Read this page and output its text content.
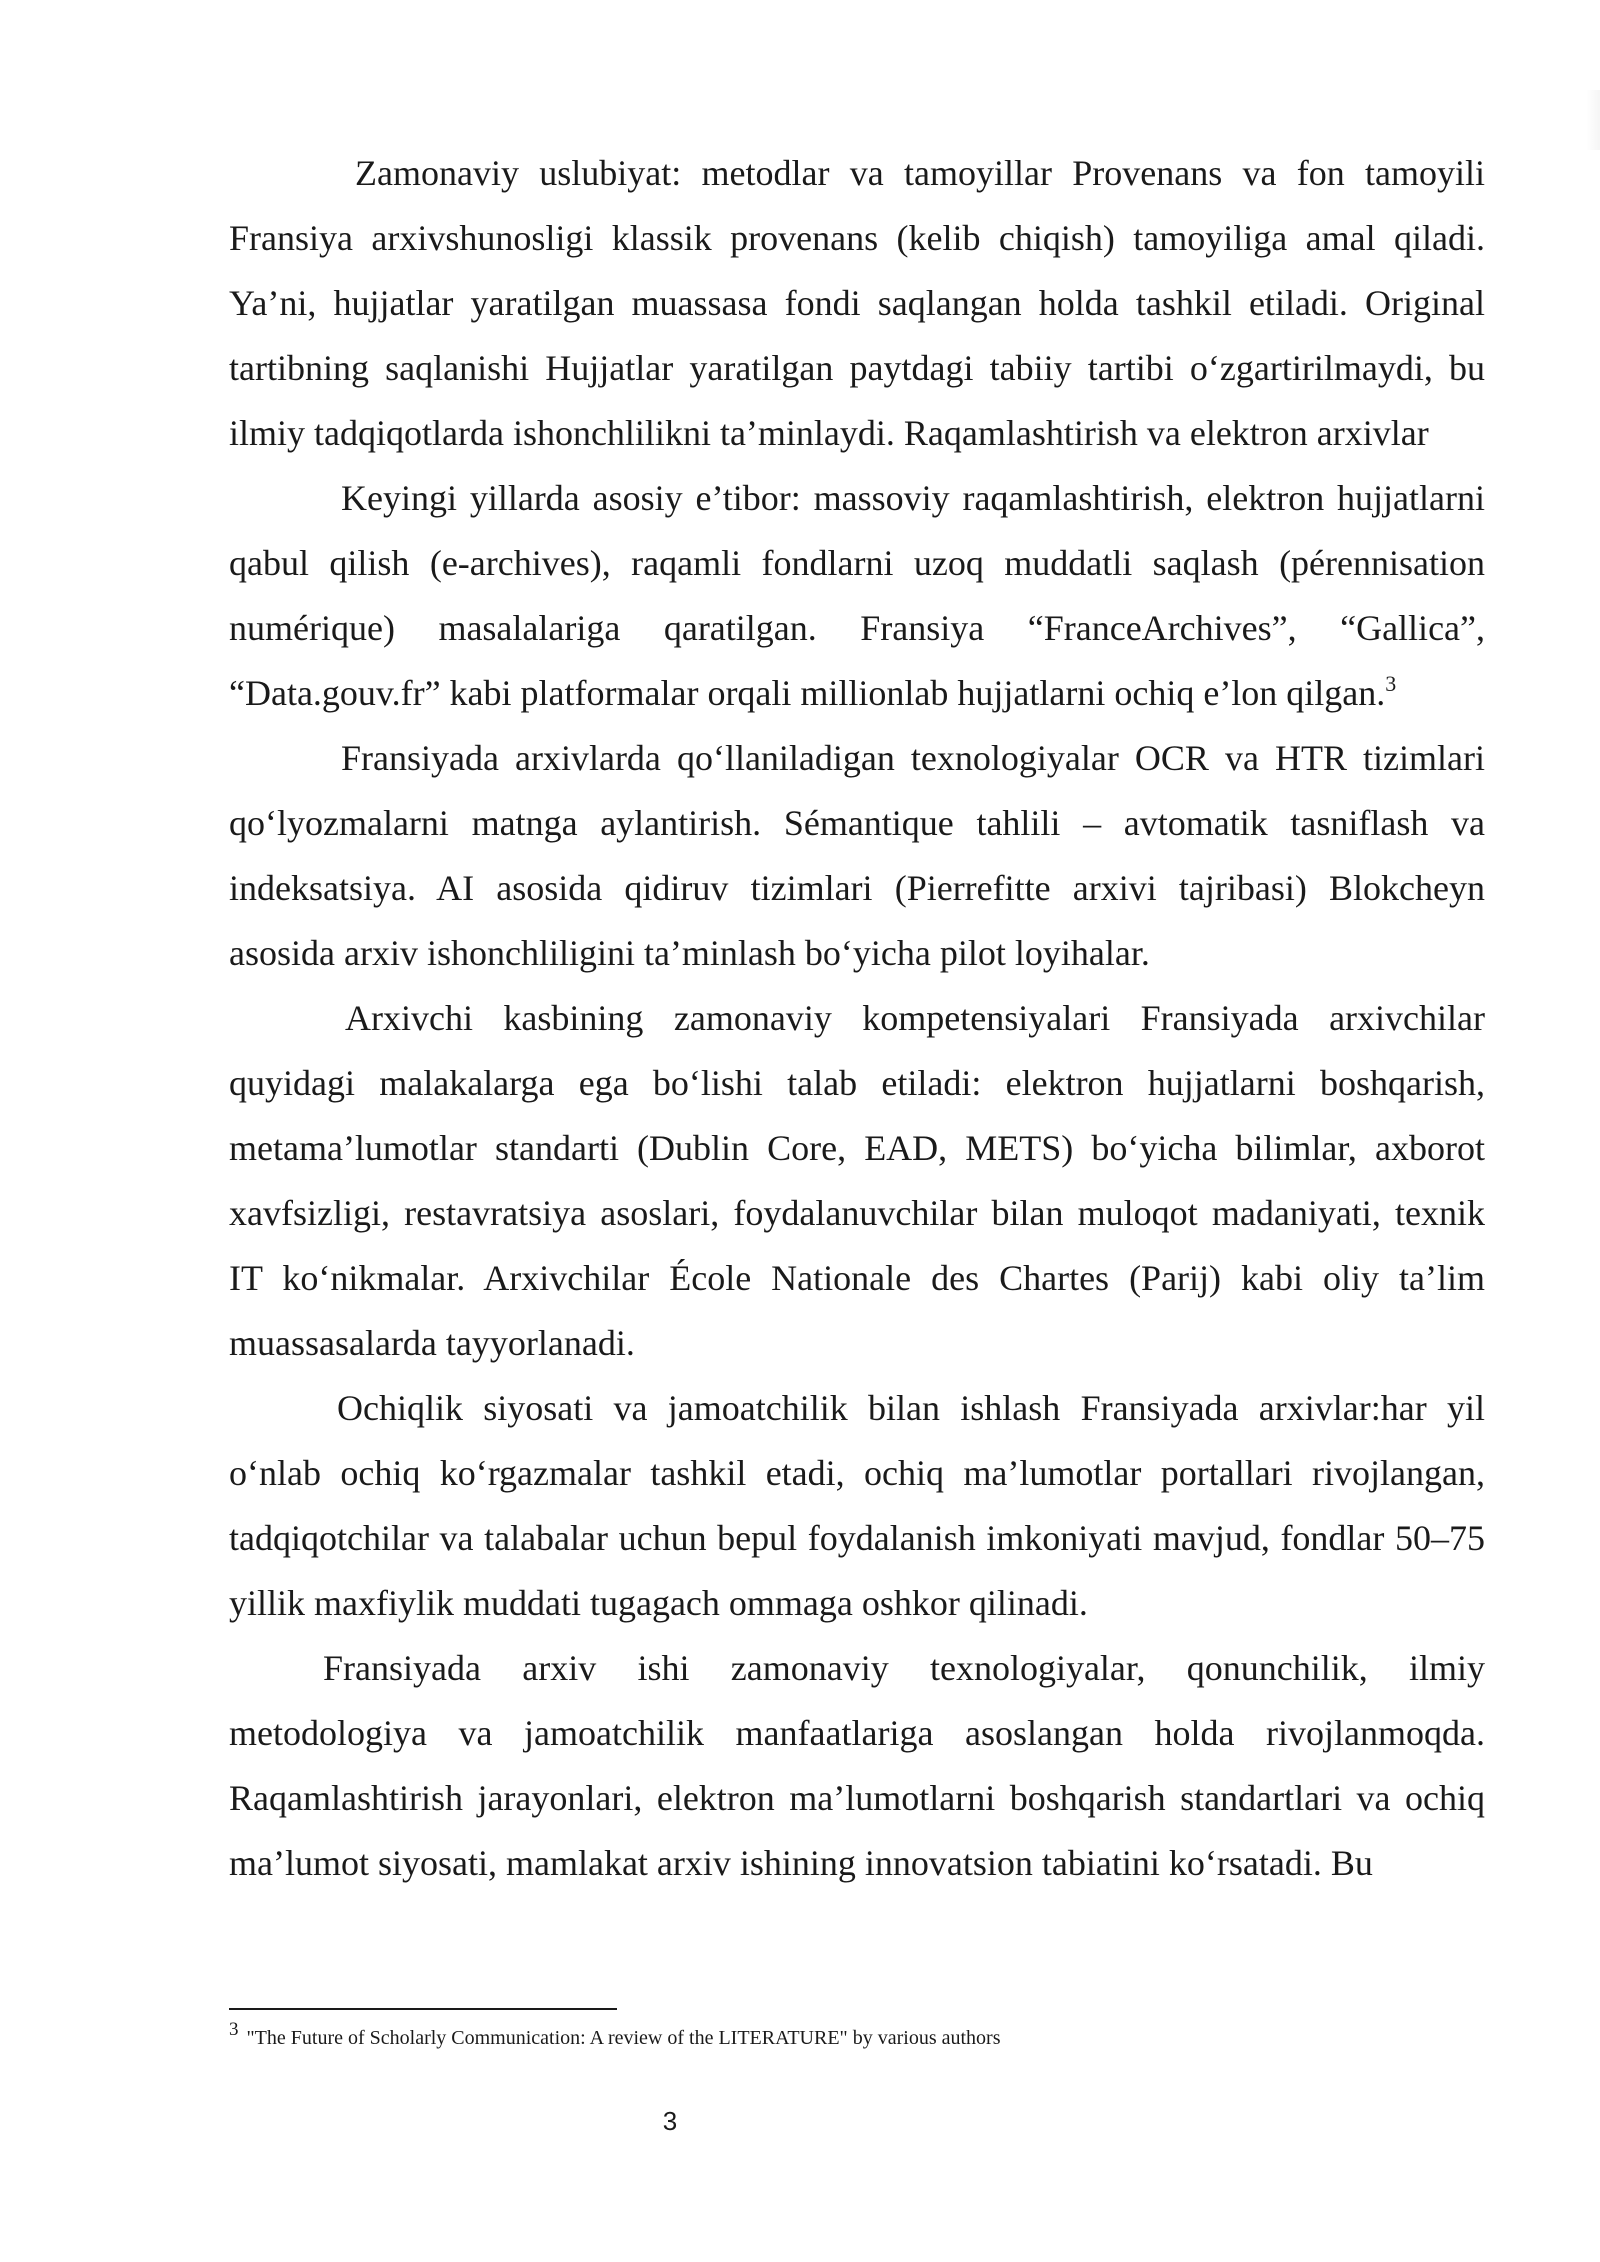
Zamonaviy uslubiyat: metodlar va tamoyillar Provenans va fon tamoyili Fransiya arxivshunosligi klassik provenans (kelib chiqish) tamoyiliga amal qiladi. Ya’ni, hujjatlar yaratilgan muassasa fondi saqlangan holda tashkil etiladi. Original tartibning saqlanishi Hujjatlar yaratilgan paytdagi tabiiy tartibi o‘zgartirilmaydi, bu ilmiy tadqiqotlarda ishonchlilikni ta’minlaydi. Raqamlashtirish va elektron arxivlar

Keyingi yillarda asosiy e’tibor: massoviy raqamlashtirish, elektron hujjatlarni qabul qilish (e-archives), raqamli fondlarni uzoq muddatli saqlash (pérennisation numérique) masalalariga qaratilgan. Fransiya “FranceArchives”, “Gallica”, “Data.gouv.fr” kabi platformalar orqali millionlab hujjatlarni ochiq e’lon qilgan.$^3$

Fransiyada arxivlarda qo‘llaniladigan texnologiyalar OCR va HTR tizimlari qo‘lyozmalarni matnga aylantirish. Sémantique tahlili – avtomatik tasniflash va indeksatsiya. AI asosida qidiruv tizimlari (Pierrefitte arxivi tajribasi) Blokcheyn asosida arxiv ishonchliligini ta’minlash bo‘yicha pilot loyihalar.

Arxivchi kasbining zamonaviy kompetensiyalari Fransiyada arxivchilar quyidagi malakalarga ega bo‘lishi talab etiladi: elektron hujjatlarni boshqarish, metama’lumotlar standarti (Dublin Core, EAD, METS) bo‘yicha bilimlar, axborot xavfsizligi, restavratsiya asoslari, foydalanuvchilar bilan muloqot madaniyati, texnik IT ko‘nikmalar. Arxivchilar École Nationale des Chartes (Parij) kabi oliy ta’lim muassasalarda tayyorlanadi.

Ochiqlik siyosati va jamoatchilik bilan ishlash Fransiyada arxivlar:har yil o‘nlab ochiq ko‘rgazmalar tashkil etadi, ochiq ma’lumotlar portallari rivojlangan, tadqiqotchilar va talabalar uchun bepul foydalanish imkoniyati mavjud, fondlar 50–75 yillik maxfiylik muddati tugagach ommaga oshkor qilinadi.

Fransiyada arxiv ishi zamonaviy texnologiyalar, qonunchilik, ilmiy metodologiya va jamoatchilik manfaatlariga asoslangan holda rivojlanmoqda. Raqamlashtirish jarayonlari, elektron ma’lumotlarni boshqarish standartlari va ochiq ma’lumot siyosati, mamlakat arxiv ishining innovatsion tabiatini ko‘rsatadi. Bu

3 "The Future of Scholarly Communication: A review of the LITERATURE" by various authors
3
